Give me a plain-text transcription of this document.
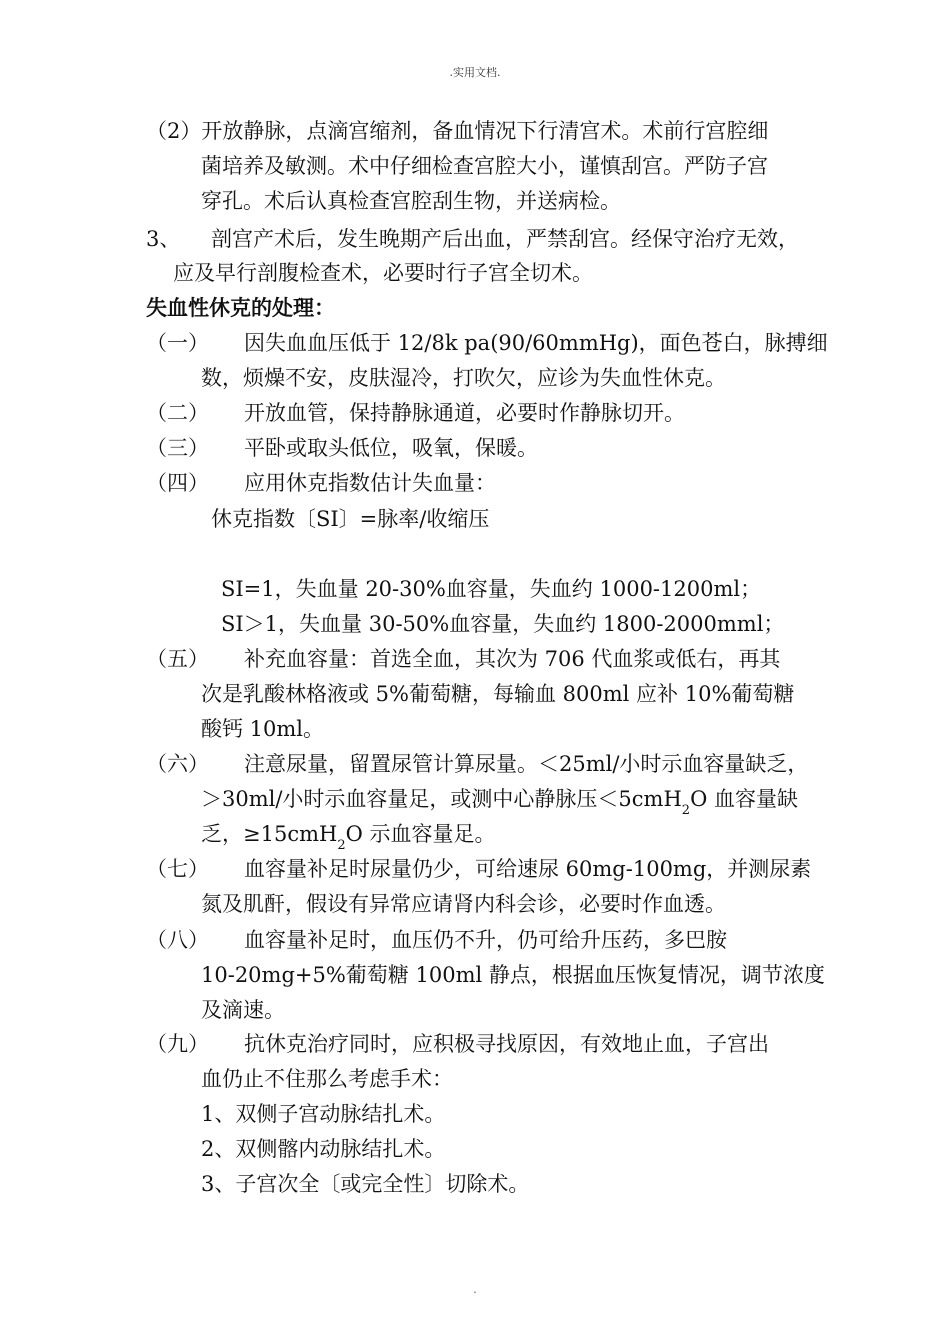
.实用文档.
（2）开放静脉，点滴宫缩剂，备血情况下行清宫术。术前行宫腔细
菌培养及敏测。术中仔细检查宫腔大小，谨慎刮宫。严防子宫
穿孔。术后认真检查宫腔刮生物，并送病检。
3、 剖宫产术后，发生晚期产后出血，严禁刮宫。经保守治疗无效，
应及早行剖腹检查术，必要时行子宫全切术。
失血性休克的处理：
（一） 因失血血压低于 12/8k pa(90/60mmHg)，面色苍白，脉搏细
数，烦燥不安，皮肤湿冷，打吹欠，应诊为失血性休克。
（二） 开放血管，保持静脉通道，必要时作静脉切开。
（三） 平卧或取头低位，吸氧，保暖。
（四） 应用休克指数估计失血量：
休克指数〔SI〕=脉率/收缩压
SI=1，失血量 20-30%血容量，失血约 1000-1200ml；
SI＞1，失血量 30-50%血容量，失血约 1800-2000mml；
（五） 补充血容量：首选全血，其次为 706 代血浆或低右，再其
次是乳酸林格液或 5%葡萄糖，每输血 800ml 应补 10%葡萄糖
酸钙 10ml。
（六） 注意尿量，留置尿管计算尿量。＜25ml/小时示血容量缺乏，
＞30ml/小时示血容量足，或测中心静脉压＜5cmH$_2$O 血容量缺
乏，≥15cmH$_2$O 示血容量足。
（七） 血容量补足时尿量仍少，可给速尿 60mg-100mg，并测尿素
氮及肌酐，假设有异常应请肾内科会诊，必要时作血透。
（八） 血容量补足时，血压仍不升，仍可给升压药，多巴胺
10-20mg+5%葡萄糖 100ml 静点，根据血压恢复情况，调节浓度
及滴速。
（九） 抗休克治疗同时，应积极寻找原因，有效地止血，子宫出
血仍止不住那么考虑手术：
1、双侧子宫动脉结扎术。
2、双侧髂内动脉结扎术。
3、子宫次全〔或完全性〕切除术。
.
